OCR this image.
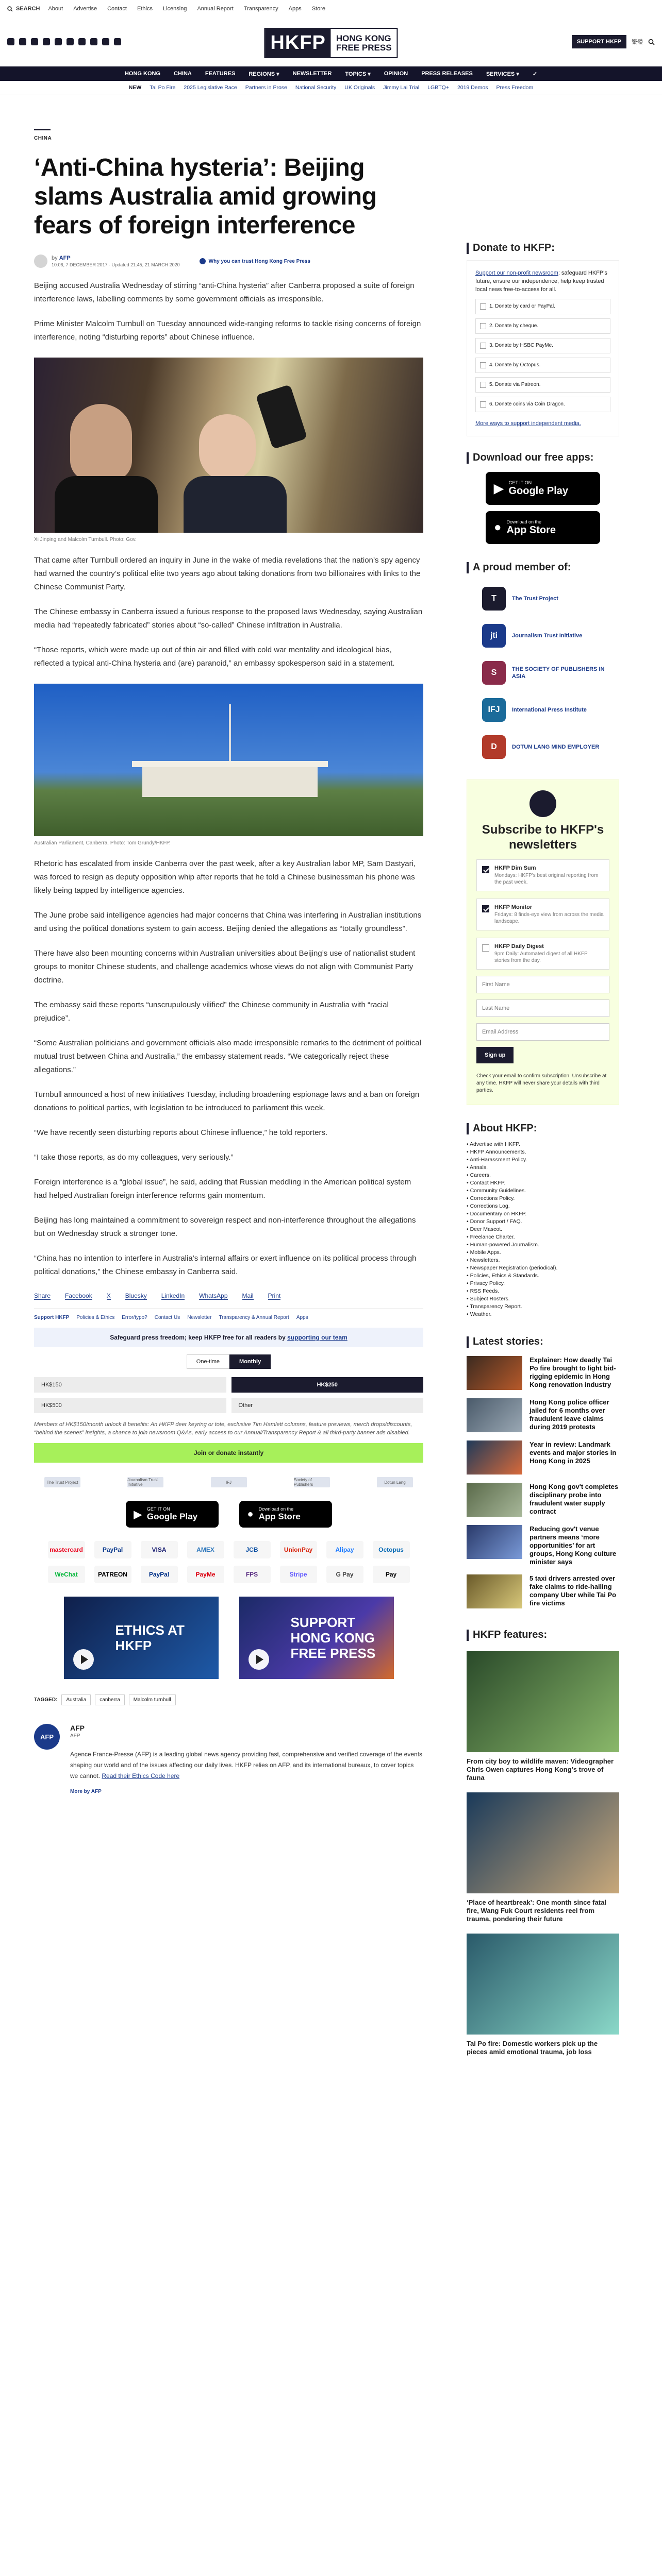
SEARCH About Advertise Contact Ethics Licensing Annual Report Transparency Apps Store
HKFP	HONG KONG
FREE PRESS
SUPPORT HKFP	繁體
HONG KONG CHINA FEATURES REGIONS ▾ NEWSLETTER TOPICS ▾ OPINION PRESS RELEASES SERVICES ▾ ✓
NEW Tai Po Fire 2025 Legislative Race Partners in Prose National Security UK Originals Jimmy Lai Trial LGBTQ+ 2019 Demos Press Freedom
CHINA
‘Anti-China hysteria’: Beijing slams Australia amid growing fears of foreign interference
by AFP
10:06, 7 DECEMBER 2017 · Updated 21:45, 21 MARCH 2020
Why you can trust Hong Kong Free Press

Beijing accused Australia Wednesday of stirring “anti-China hysteria” after Canberra proposed a suite of foreign interference laws, labelling comments by some government officials as irresponsible.

Prime Minister Malcolm Turnbull on Tuesday announced wide-ranging reforms to tackle rising concerns of foreign interference, noting “disturbing reports” about Chinese influence.

Xi Jinping and Malcolm Turnbull. Photo: Gov.

That came after Turnbull ordered an inquiry in June in the wake of media revelations that the nation’s spy agency had warned the country’s political elite two years ago about taking donations from two billionaires with links to the Chinese Communist Party.

The Chinese embassy in Canberra issued a furious response to the proposed laws Wednesday, saying Australian media had “repeatedly fabricated” stories about “so-called” Chinese infiltration in Australia.

“Those reports, which were made up out of thin air and filled with cold war mentality and ideological bias, reflected a typical anti-China hysteria and (are) paranoid,” an embassy spokesperson said in a statement.

Australian Parliament, Canberra. Photo: Tom Grundy/HKFP.

Rhetoric has escalated from inside Canberra over the past week, after a key Australian labor MP, Sam Dastyari, was forced to resign as deputy opposition whip after reports that he told a Chinese businessman his phone was likely being tapped by intelligence agencies.

The June probe said intelligence agencies had major concerns that China was interfering in Australian institutions and using the political donations system to gain access. Beijing denied the allegations as “totally groundless”.

There have also been mounting concerns within Australian universities about Beijing’s use of nationalist student groups to monitor Chinese students, and challenge academics whose views do not align with Communist Party doctrine.

The embassy said these reports “unscrupulously vilified” the Chinese community in Australia with “racial prejudice”.

“Some Australian politicians and government officials also made irresponsible remarks to the detriment of political mutual trust between China and Australia,” the embassy statement reads. “We categorically reject these allegations.”

Turnbull announced a host of new initiatives Tuesday, including broadening espionage laws and a ban on foreign donations to political parties, with legislation to be introduced to parliament this week.

“We have recently seen disturbing reports about Chinese influence,” he told reporters.

“I take those reports, as do my colleagues, very seriously.”

Foreign interference is a “global issue”, he said, adding that Russian meddling in the American political system had helped Australian foreign interference reforms gain momentum.

Beijing has long maintained a commitment to sovereign respect and non-interference throughout the allegations but on Wednesday struck a stronger tone.

“China has no intention to interfere in Australia’s internal affairs or exert influence on its political process through political donations,” the Chinese embassy in Canberra said.

Share Facebook X Bluesky LinkedIn WhatsApp Mail Print
Support HKFP Policies & Ethics Error/typo? Contact Us Newsletter Transparency & Annual Report Apps
Safeguard press freedom; keep HKFP free for all readers by supporting our team
One-time	Monthly
HK$150	HK$250
HK$500	Other
Members of HK$150/month unlock 8 benefits: An HKFP deer keyring or tote, exclusive Tim Hamlett columns, feature previews, merch drops/discounts, “behind the scenes” insights, a chance to join newsroom Q&As, early access to our Annual/Transparency Report & all third-party banner ads disabled.
Join or donate instantly
The Trust Project	Journalism Trust Initiative	IFJ	Society of Publishers	Dotun Lang
▶ GET IT ON
Google Play	● Download on the
App Store
mastercard	PayPal	VISA	AMEX	JCB	UnionPay	Alipay	Octopus
WeChat	PATREON	PayPal	PayMe	FPS	Stripe	G Pay	Pay
ETHICS AT HKFP
SUPPORT HONG KONG FREE PRESS
TAGGED:	Australia	canberra	Malcolm turnbull
AFP
AFP
AFP
Agence France-Presse (AFP) is a leading global news agency providing fast, comprehensive and verified coverage of the events shaping our world and of the issues affecting our daily lives. HKFP relies on AFP, and its international bureaux, to cover topics we cannot. Read their Ethics Code here
More by AFP
Donate to HKFP:
Support our non-profit newsroom: safeguard HKFP's future, ensure our independence, help keep trusted local news free-to-access for all.
1. Donate by card or PayPal.
2. Donate by cheque.
3. Donate by HSBC PayMe.
4. Donate by Octopus.
5. Donate via Patreon.
6. Donate coins via Coin Dragon.
More ways to support independent media.
Download our free apps:
▶ GET IT ON
Google Play
● Download on the
App Store
A proud member of:
T	The Trust Project
jti	Journalism Trust Initiative
S	THE SOCIETY OF PUBLISHERS IN ASIA
IFJ	International Press Institute
D	DOTUN LANG MIND EMPLOYER
Subscribe to HKFP's newsletters
HKFP Dim Sum
Mondays: HKFP's best original reporting from the past week.
HKFP Monitor
Fridays: 8 finds-eye view from across the media landscape.
HKFP Daily Digest
9pm Daily: Automated digest of all HKFP stories from the day.
First Name
Last Name
Email Address
Sign up
Check your email to confirm subscription. Unsubscribe at any time. HKFP will never share your details with third parties.
About HKFP:
• Advertise with HKFP.
• HKFP Announcements.
• Anti-Harassment Policy.
• Annals.
• Careers.
• Contact HKFP.
• Community Guidelines.
• Corrections Policy.
• Corrections Log.
• Documentary on HKFP.
• Donor Support / FAQ.
• Deer Mascot.
• Freelance Charter.
• Human-powered Journalism.
• Mobile Apps.
• Newsletters.
• Newspaper Registration (periodical).
• Policies, Ethics & Standards.
• Privacy Policy.
• RSS Feeds.
• Subject Rosters.
• Transparency Report.
• Weather.
Latest stories:
Explainer: How deadly Tai Po fire brought to light bid-rigging epidemic in Hong Kong renovation industry
Hong Kong police officer jailed for 6 months over fraudulent leave claims during 2019 protests
Year in review: Landmark events and major stories in Hong Kong in 2025
Hong Kong gov't completes disciplinary probe into fraudulent water supply contract
Reducing gov't venue partners means ‘more opportunities’ for art groups, Hong Kong culture minister says
5 taxi drivers arrested over fake claims to ride-hailing company Uber while Tai Po fire victims
HKFP features:
From city boy to wildlife maven: Videographer Chris Owen captures Hong Kong’s trove of fauna
‘Place of heartbreak’: One month since fatal fire, Wang Fuk Court residents reel from trauma, pondering their future
Tai Po fire: Domestic workers pick up the pieces amid emotional trauma, job loss
